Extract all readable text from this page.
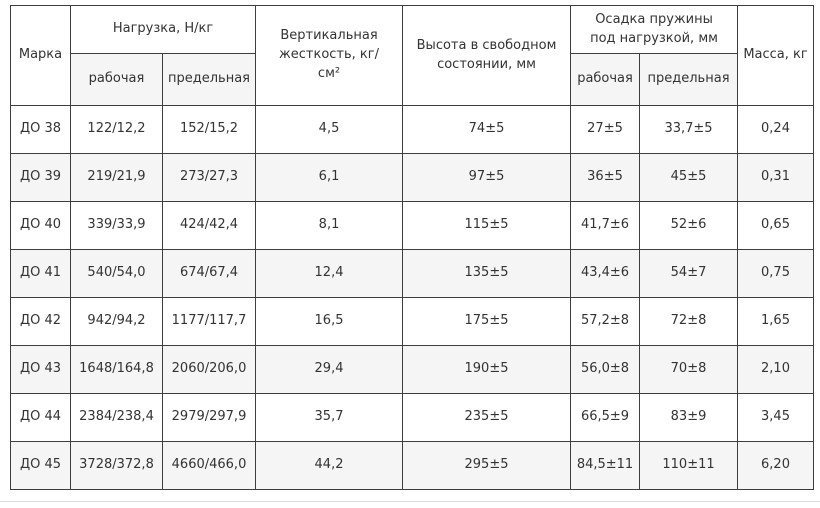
Марка	Нагрузка, Н/кг		Вертикальная жесткость, кг/см²	Высота в свободном состоянии, мм	Осадка пружины под нагрузкой, мм		Масса, кг
	рабочая	предельная			рабочая	предельная	
ДО 38	122/12,2	152/15,2	4,5	74±5	27±5	33,7±5	0,24
ДО 39	219/21,9	273/27,3	6,1	97±5	36±5	45±5	0,31
ДО 40	339/33,9	424/42,4	8,1	115±5	41,7±6	52±6	0,65
ДО 41	540/54,0	674/67,4	12,4	135±5	43,4±6	54±7	0,75
ДО 42	942/94,2	1177/117,7	16,5	175±5	57,2±8	72±8	1,65
ДО 43	1648/164,8	2060/206,0	29,4	190±5	56,0±8	70±8	2,10
ДО 44	2384/238,4	2979/297,9	35,7	235±5	66,5±9	83±9	3,45
ДО 45	3728/372,8	4660/466,0	44,2	295±5	84,5±11	110±11	6,20
